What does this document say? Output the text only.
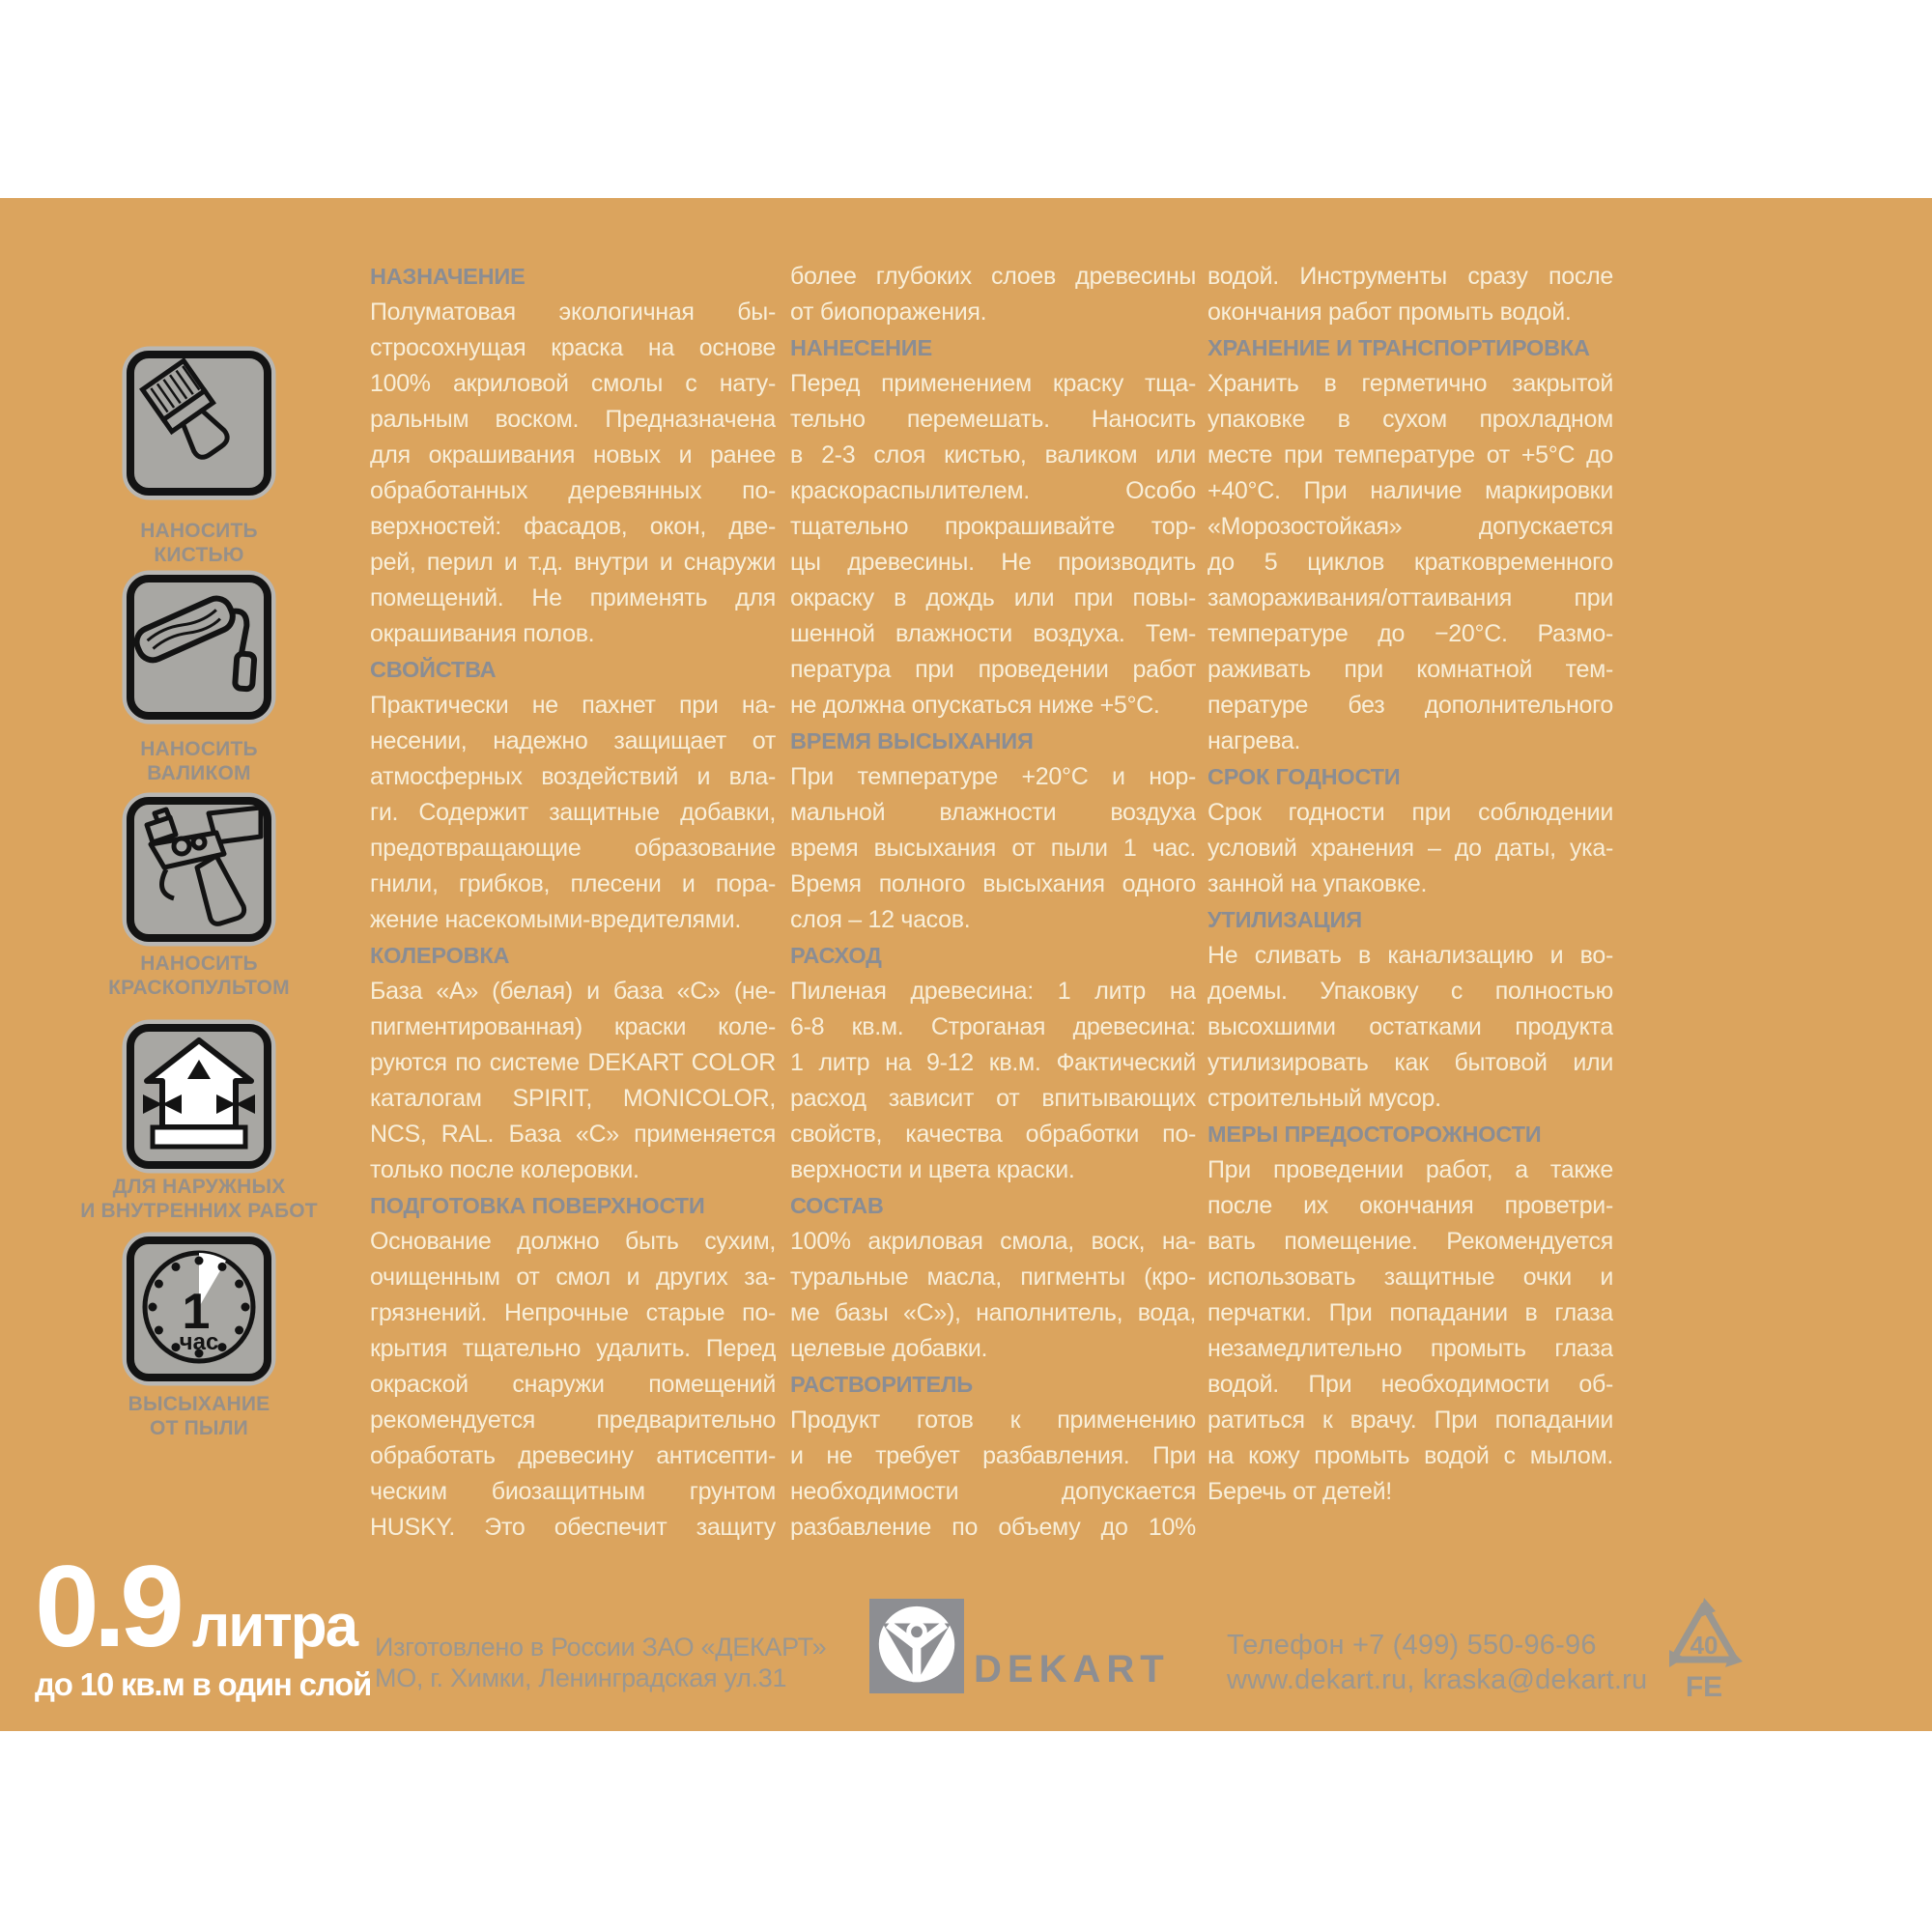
НАНОСИТЬ
КИСТЬЮ
НАНОСИТЬ
ВАЛИКОМ
НАНОСИТЬ
КРАСКОПУЛЬТОМ
ДЛЯ НАРУЖНЫХ
И ВНУТРЕННИХ РАБОТ
1
час
ВЫСЫХАНИЕ
ОТ ПЫЛИ
НАЗНАЧЕНИЕ
Полуматовая экологичная бы-
стросохнущая краска на основе
100% акриловой смолы с нату-
ральным воском. Предназначена
для окрашивания новых и ранее
обработанных деревянных по-
верхностей: фасадов, окон, две-
рей, перил и т.д. внутри и снаружи
помещений. Не применять для
окрашивания полов.
СВОЙСТВА
Практически не пахнет при на-
несении, надежно защищает от
атмосферных воздействий и вла-
ги. Содержит защитные добавки,
предотвращающие образование
гнили, грибков, плесени и пора-
жение насекомыми-вредителями.
КОЛЕРОВКА
База «А» (белая) и база «С» (не-
пигментированная) краски коле-
руются по системе DEKART COLOR
каталогам SPIRIT, MONICOLOR,
NCS, RAL. База «С» применяется
только после колеровки.
ПОДГОТОВКА ПОВЕРХНОСТИ
Основание должно быть сухим,
очищенным от смол и других за-
грязнений. Непрочные старые по-
крытия тщательно удалить. Перед
окраской снаружи помещений
рекомендуется предварительно
обработать древесину антисепти-
ческим биозащитным грунтом
HUSKY. Это обеспечит защиту
более глубоких слоев древесины
от биопоражения.
НАНЕСЕНИЕ
Перед применением краску тща-
тельно перемешать. Наносить
в 2-3 слоя кистью, валиком или
краскораспылителем. Особо
тщательно прокрашивайте тор-
цы древесины. Не производить
окраску в дождь или при повы-
шенной влажности воздуха. Тем-
пература при проведении работ
не должна опускаться ниже +5°С.
ВРЕМЯ ВЫСЫХАНИЯ
При температуре +20°С и нор-
мальной влажности воздуха
время высыхания от пыли 1 час.
Время полного высыхания одного
слоя – 12 часов.
РАСХОД
Пиленая древесина: 1 литр на
6-8 кв.м. Строганая древесина:
1 литр на 9-12 кв.м. Фактический
расход зависит от впитывающих
свойств, качества обработки по-
верхности и цвета краски.
СОСТАВ
100% акриловая смола, воск, на-
туральные масла, пигменты (кро-
ме базы «С»), наполнитель, вода,
целевые добавки.
РАСТВОРИТЕЛЬ
Продукт готов к применению
и не требует разбавления. При
необходимости допускается
разбавление по объему до 10%
водой. Инструменты сразу после
окончания работ промыть водой.
ХРАНЕНИЕ И ТРАНСПОРТИРОВКА
Хранить в герметично закрытой
упаковке в сухом прохладном
месте при температуре от +5°С до
+40°С. При наличие маркировки
«Морозостойкая» допускается
до 5 циклов кратковременного
замораживания/оттаивания при
температуре до −20°С. Размо-
раживать при комнатной тем-
пературе без дополнительного
нагрева.
СРОК ГОДНОСТИ
Срок годности при соблюдении
условий хранения – до даты, ука-
занной на упаковке.
УТИЛИЗАЦИЯ
Не сливать в канализацию и во-
доемы. Упаковку с полностью
высохшими остатками продукта
утилизировать как бытовой или
строительный мусор.
МЕРЫ ПРЕДОСТОРОЖНОСТИ
При проведении работ, а также
после их окончания проветри-
вать помещение. Рекомендуется
использовать защитные очки и
перчатки. При попадании в глаза
незамедлительно промыть глаза
водой. При необходимости об-
ратиться к врачу. При попадании
на кожу промыть водой с мылом.
Беречь от детей!
0.9 литра
до 10 кв.м в один слой
Изготовлено в России ЗАО «ДЕКАРТ»
МО, г. Химки, Ленинградская ул.31	DEKART
Телефон +7 (499) 550-96-96
www.dekart.ru, kraska@dekart.ru
40
FE
